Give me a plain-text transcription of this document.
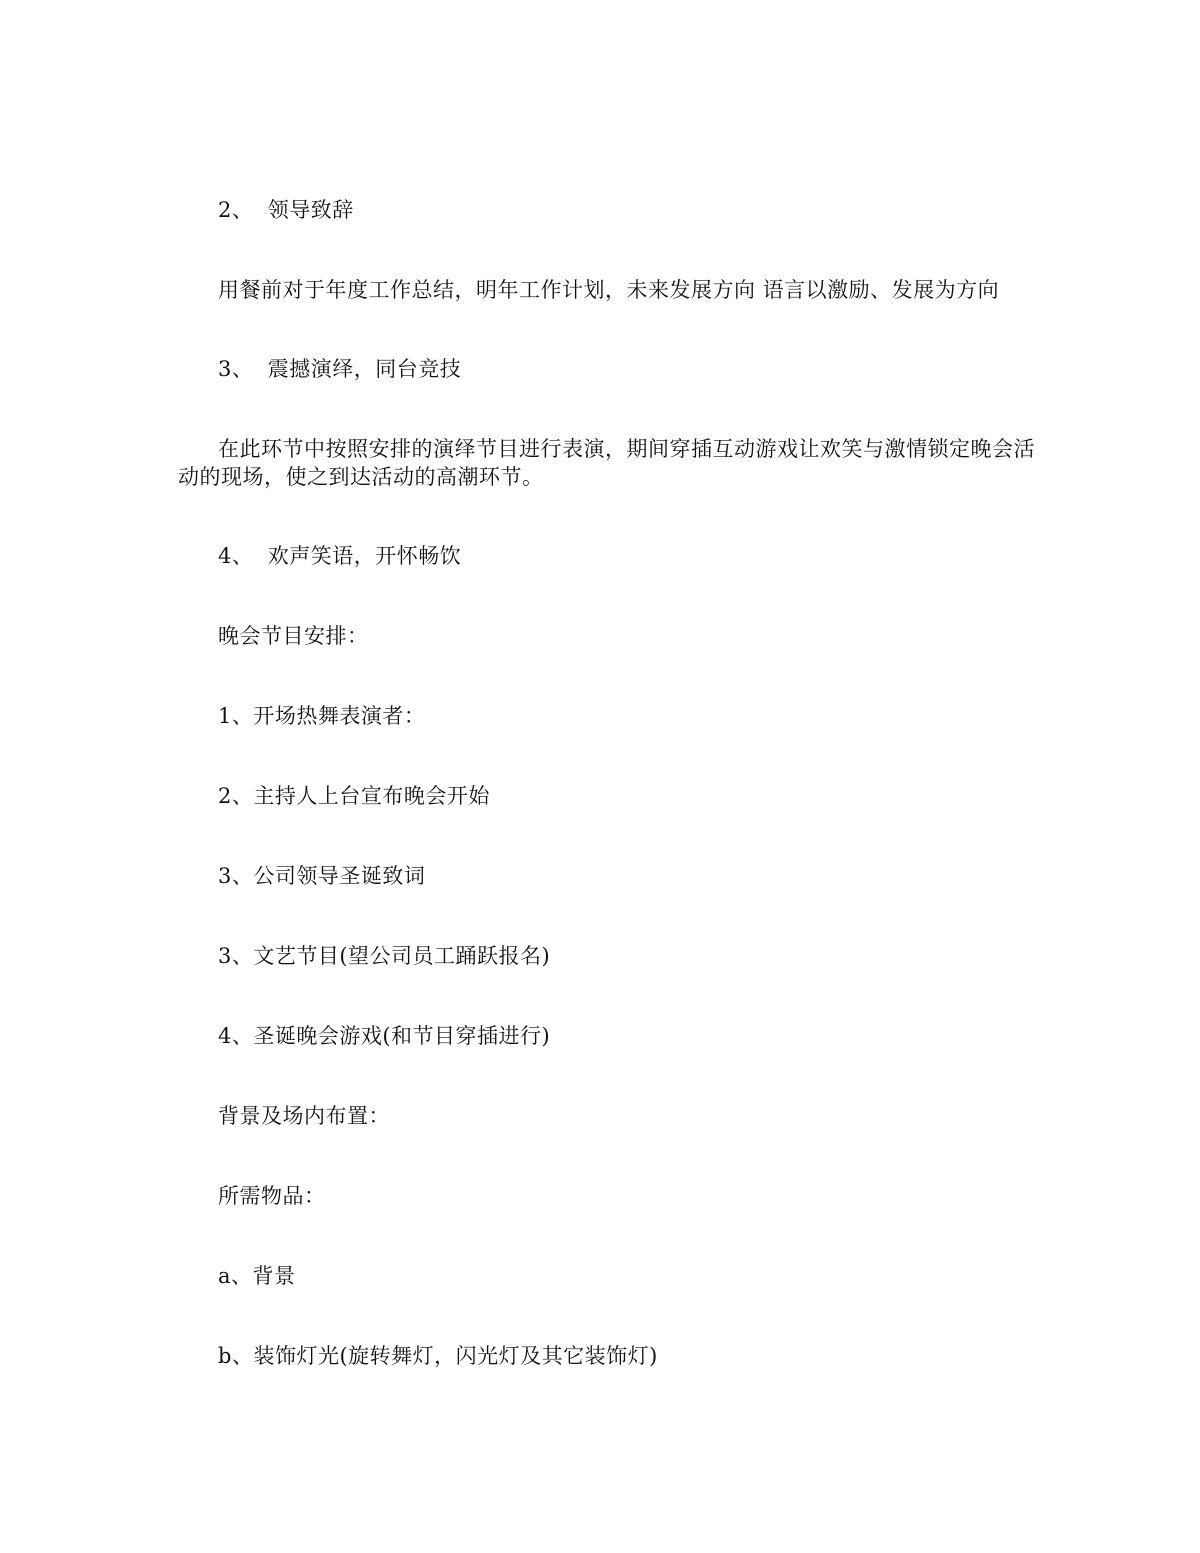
2、  领导致辞
用餐前对于年度工作总结，明年工作计划，未来发展方向 语言以激励、发展为方向
3、  震撼演绎，同台竞技
在此环节中按照安排的演绎节目进行表演，期间穿插互动游戏让欢笑与激情锁定晚会活动的现场，使之到达活动的高潮环节。
4、  欢声笑语，开怀畅饮
晚会节目安排：
1、开场热舞表演者：
2、主持人上台宣布晚会开始
3、公司领导圣诞致词
3、文艺节目(望公司员工踊跃报名)
4、圣诞晚会游戏(和节目穿插进行)
背景及场内布置：
所需物品：
a、背景
b、装饰灯光(旋转舞灯，闪光灯及其它装饰灯)
